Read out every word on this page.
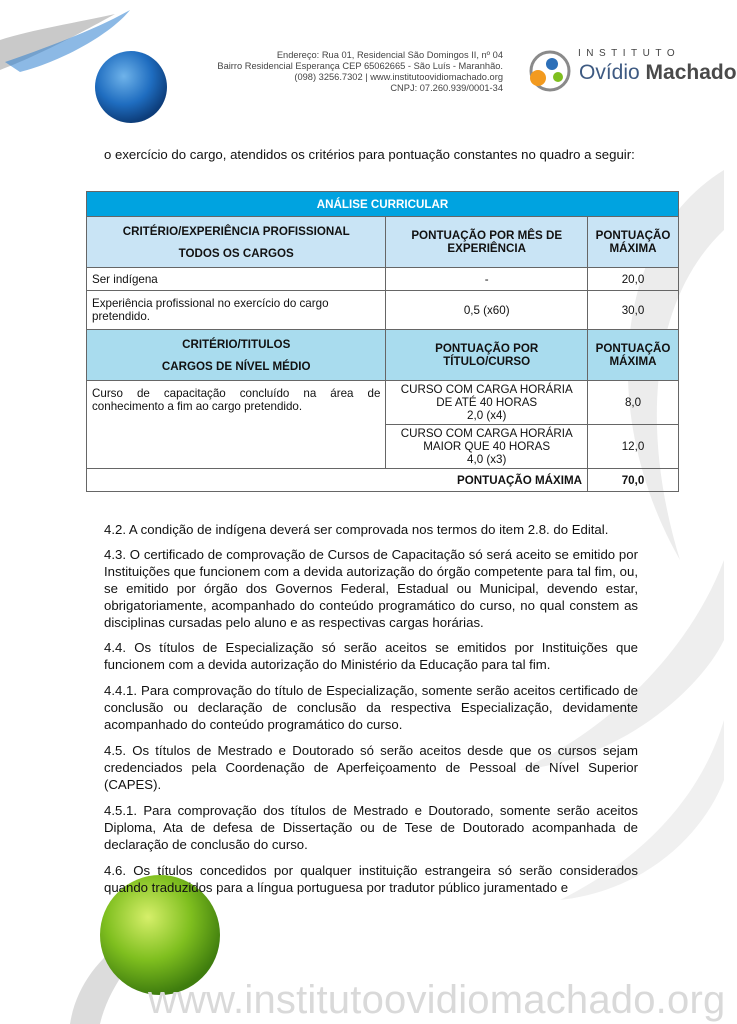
Endereço: Rua 01, Residencial São Domingos II, nº 04
Bairro Residencial Esperança CEP 65062665 - São Luís - Maranhão.
(098) 3256.7302 | www.institutoovidiomachado.org
CNPJ: 07.260.939/0001-34
INSTITUTO
Ovídio Machado

o exercício do cargo, atendidos os critérios para pontuação constantes no quadro a seguir:

ANÁLISE CURRICULAR		

CRITÉRIO/EXPERIÊNCIA PROFISSIONAL
TODOS OS CARGOS	PONTUAÇÃO POR MÊS DE EXPERIÊNCIA	PONTUAÇÃO MÁXIMA
Ser indígena	-	20,0
Experiência profissional no exercício do cargo pretendido.	0,5 (x60)	30,0

CRITÉRIO/TITULOS
CARGOS DE NÍVEL MÉDIO	PONTUAÇÃO POR TÍTULO/CURSO	PONTUAÇÃO MÁXIMA
Curso de capacitação concluído na área de conhecimento a fim ao cargo pretendido.	CURSO COM CARGA HORÁRIA
DE ATÉ 40 HORAS
2,0 (x4)	8,0

	CURSO COM CARGA HORÁRIA
MAIOR QUE 40 HORAS
4,0 (x3)	12,0
PONTUAÇÃO MÁXIMA		70,0

4.2. A condição de indígena deverá ser comprovada nos termos do item 2.8. do Edital.

4.3. O certificado de comprovação de Cursos de Capacitação só será aceito se emitido por Instituições que funcionem com a devida autorização do órgão competente para tal fim, ou, se emitido por órgão dos Governos Federal, Estadual ou Municipal, devendo estar, obrigatoriamente, acompanhado do conteúdo programático do curso, no qual constem as disciplinas cursadas pelo aluno e as respectivas cargas horárias.

4.4. Os títulos de Especialização só serão aceitos se emitidos por Instituições que funcionem com a devida autorização do Ministério da Educação para tal fim.

4.4.1. Para comprovação do título de Especialização, somente serão aceitos certificado de conclusão ou declaração de conclusão da respectiva Especialização, devidamente acompanhado do conteúdo programático do curso.

4.5. Os títulos de Mestrado e Doutorado só serão aceitos desde que os cursos sejam credenciados pela Coordenação de Aperfeiçoamento de Pessoal de Nível Superior (CAPES).

4.5.1. Para comprovação dos títulos de Mestrado e Doutorado, somente serão aceitos Diploma, Ata de defesa de Dissertação ou de Tese de Doutorado acompanhada de declaração de conclusão do curso.

4.6. Os títulos concedidos por qualquer instituição estrangeira só serão considerados quando traduzidos para a língua portuguesa por tradutor público juramentado e

www.institutoovidiomachado.org
